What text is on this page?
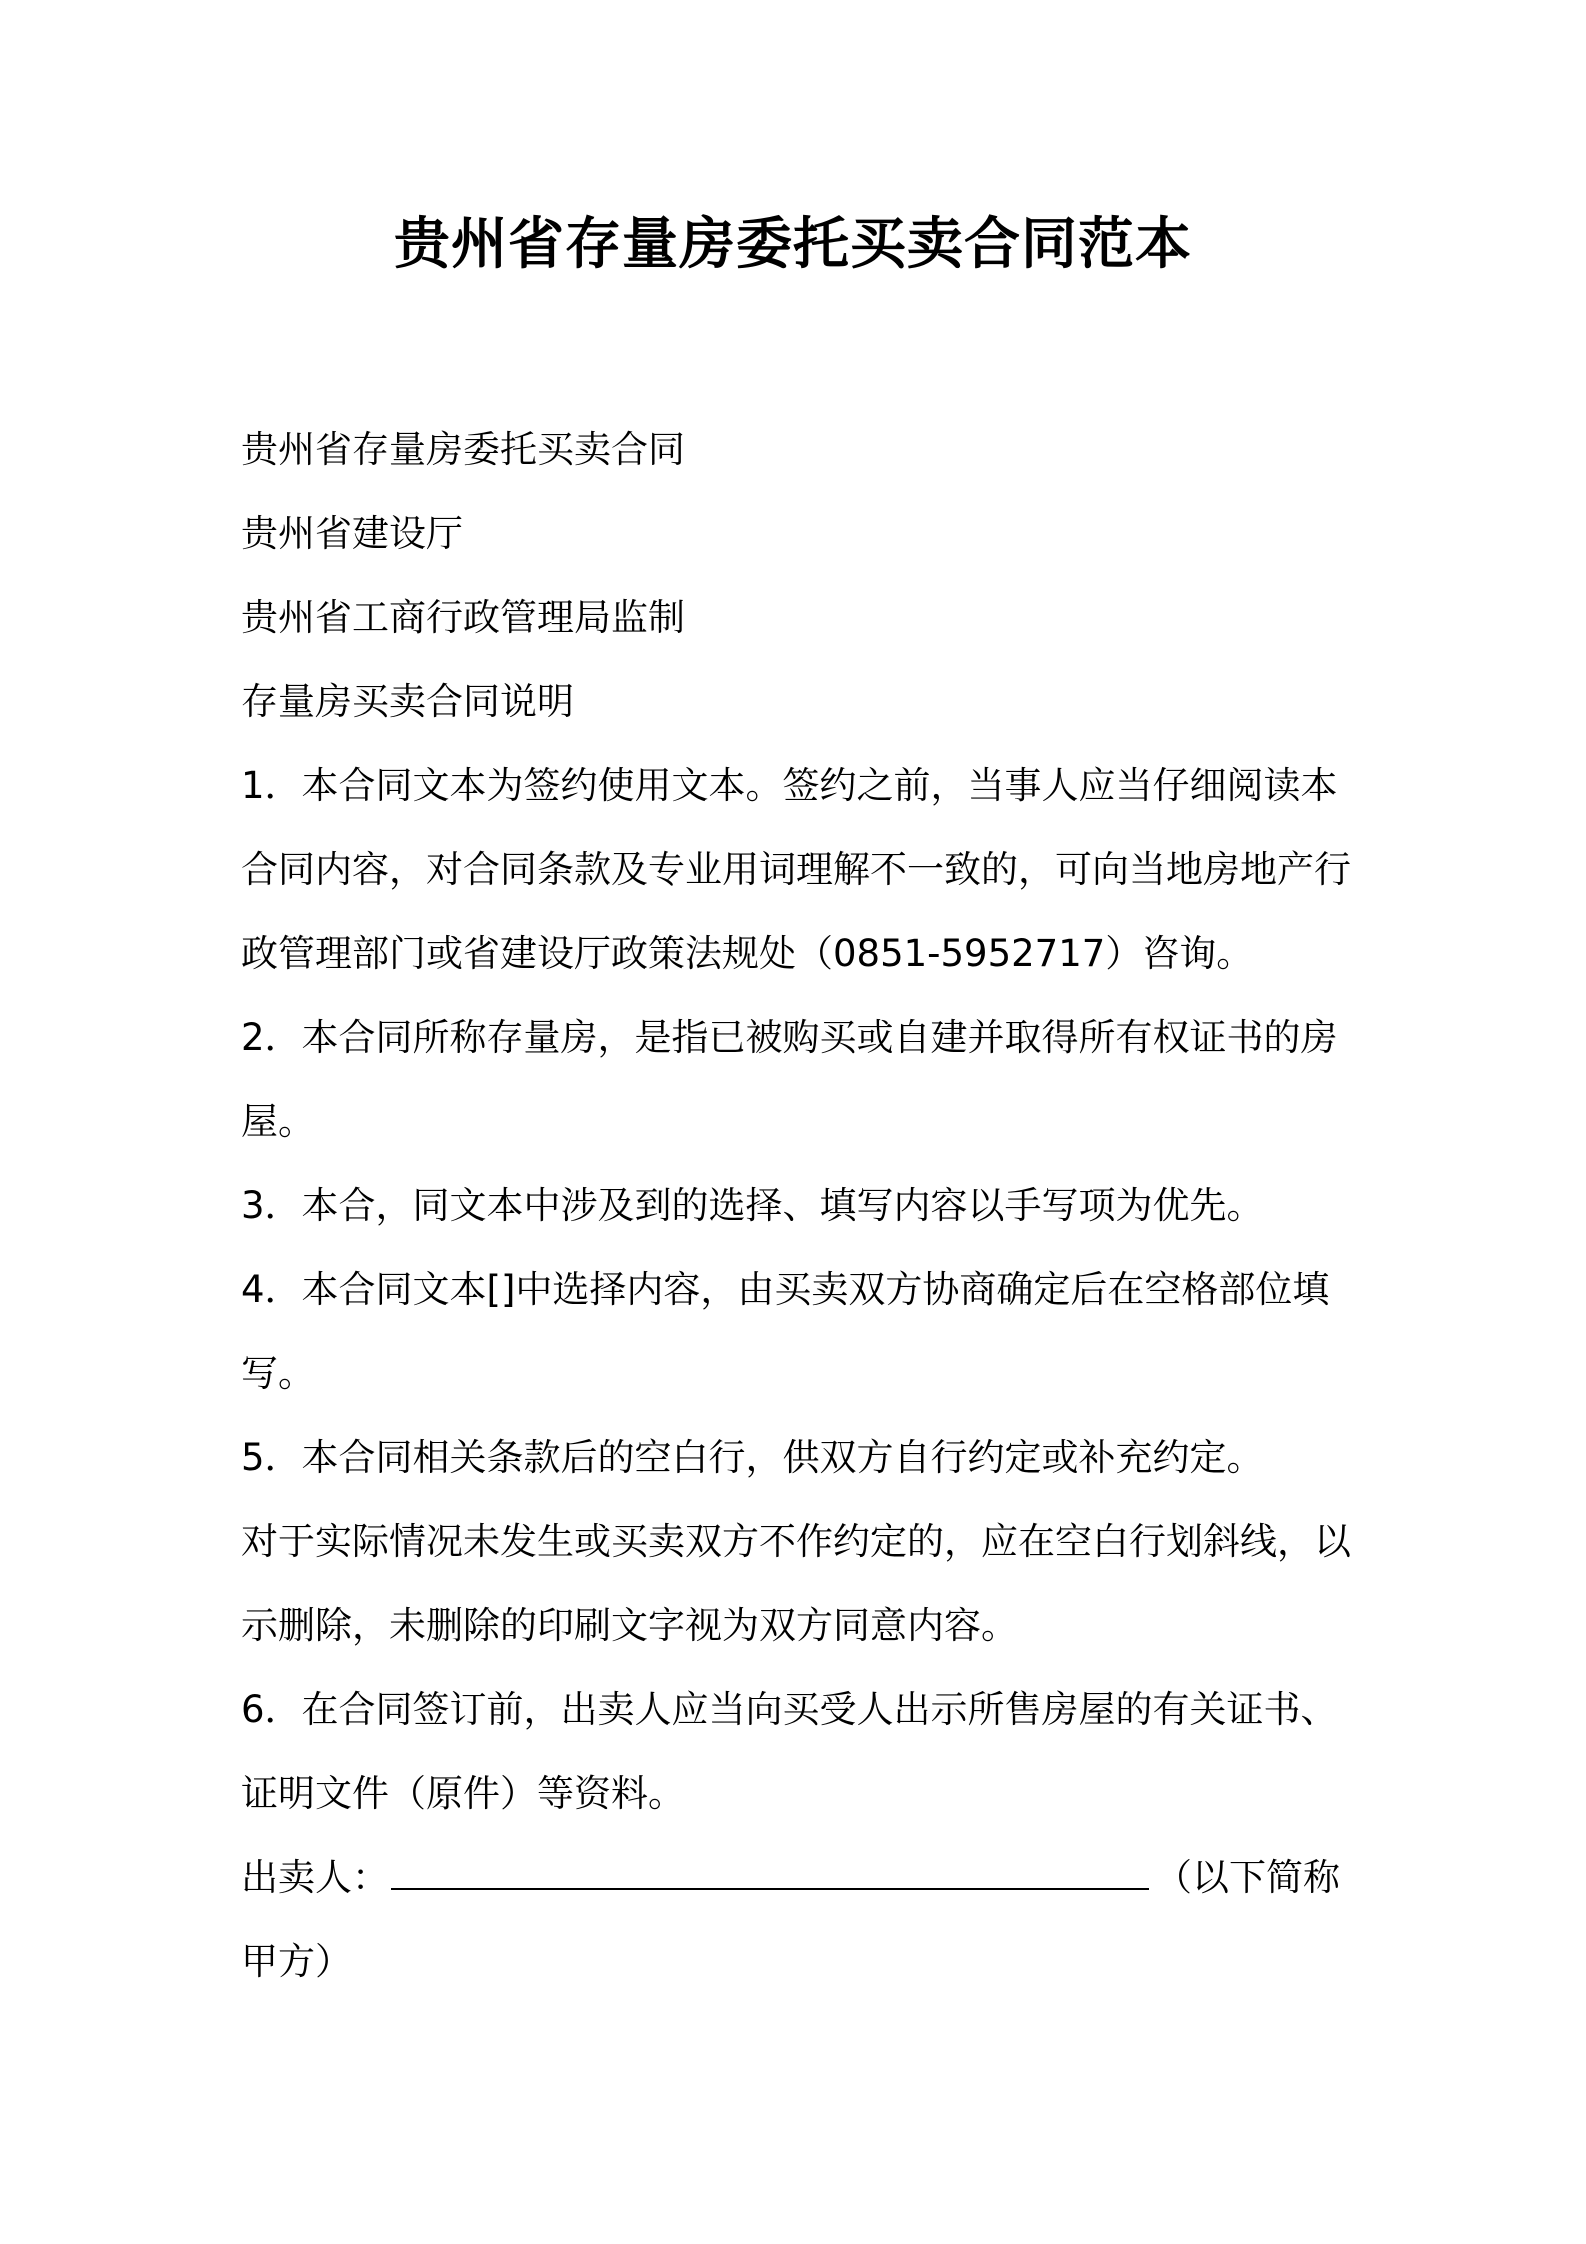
贵州省存量房委托买卖合同范本
贵州省存量房委托买卖合同
贵州省建设厅
贵州省工商行政管理局监制
存量房买卖合同说明
1．本合同文本为签约使用文本。签约之前，当事人应当仔细阅读本
合同内容，对合同条款及专业用词理解不一致的，可向当地房地产行
政管理部门或省建设厅政策法规处（0851-5952717）咨询。
2．本合同所称存量房，是指已被购买或自建并取得所有权证书的房
屋。
3．本合，同文本中涉及到的选择、填写内容以手写项为优先。
4．本合同文本[]中选择内容，由买卖双方协商确定后在空格部位填
写。
5．本合同相关条款后的空白行，供双方自行约定或补充约定。
对于实际情况未发生或买卖双方不作约定的，应在空白行划斜线，以
示删除，未删除的印刷文字视为双方同意内容。
6．在合同签订前，出卖人应当向买受人出示所售房屋的有关证书、
证明文件（原件）等资料。
出卖人：	（以下简称
甲方）
